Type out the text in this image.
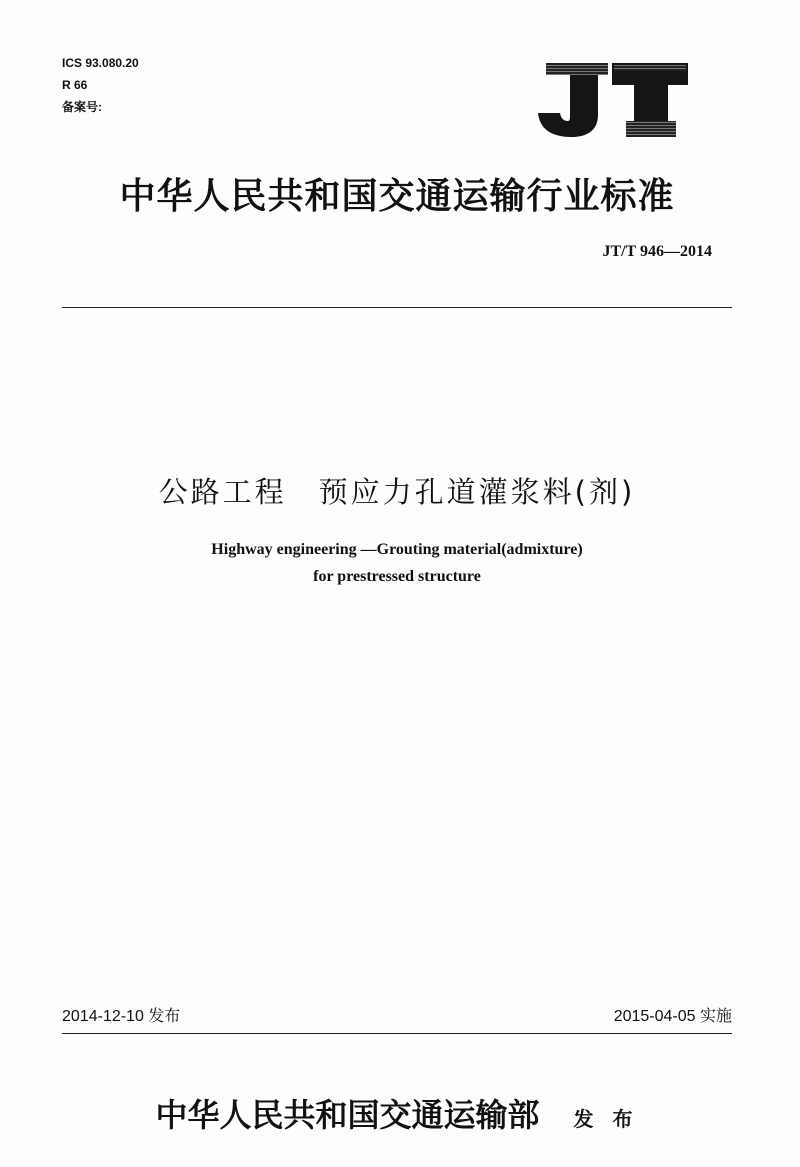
ICS 93.080.20
R 66
备案号:
中华人民共和国交通运输行业标准
JT/T 946—2014
公路工程　预应力孔道灌浆料(剂)
Highway engineering —Grouting material(admixture)
for prestressed structure
2014-12-10 发布	2015-04-05 实施
中华人民共和国交通运输部 发 布
